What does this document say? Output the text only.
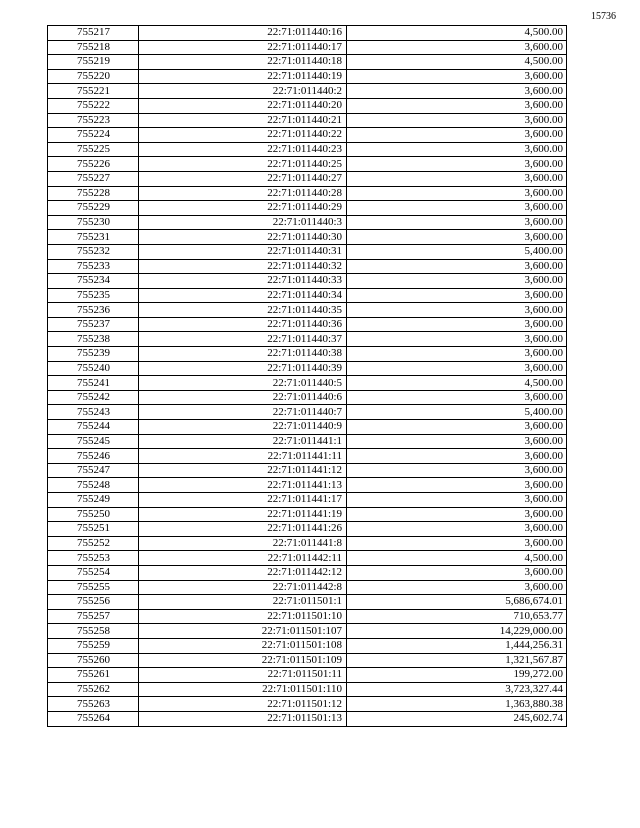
15736
755217	22:71:011440:16	4,500.00
755218	22:71:011440:17	3,600.00
755219	22:71:011440:18	4,500.00
755220	22:71:011440:19	3,600.00
755221	22:71:011440:2	3,600.00
755222	22:71:011440:20	3,600.00
755223	22:71:011440:21	3,600.00
755224	22:71:011440:22	3,600.00
755225	22:71:011440:23	3,600.00
755226	22:71:011440:25	3,600.00
755227	22:71:011440:27	3,600.00
755228	22:71:011440:28	3,600.00
755229	22:71:011440:29	3,600.00
755230	22:71:011440:3	3,600.00
755231	22:71:011440:30	3,600.00
755232	22:71:011440:31	5,400.00
755233	22:71:011440:32	3,600.00
755234	22:71:011440:33	3,600.00
755235	22:71:011440:34	3,600.00
755236	22:71:011440:35	3,600.00
755237	22:71:011440:36	3,600.00
755238	22:71:011440:37	3,600.00
755239	22:71:011440:38	3,600.00
755240	22:71:011440:39	3,600.00
755241	22:71:011440:5	4,500.00
755242	22:71:011440:6	3,600.00
755243	22:71:011440:7	5,400.00
755244	22:71:011440:9	3,600.00
755245	22:71:011441:1	3,600.00
755246	22:71:011441:11	3,600.00
755247	22:71:011441:12	3,600.00
755248	22:71:011441:13	3,600.00
755249	22:71:011441:17	3,600.00
755250	22:71:011441:19	3,600.00
755251	22:71:011441:26	3,600.00
755252	22:71:011441:8	3,600.00
755253	22:71:011442:11	4,500.00
755254	22:71:011442:12	3,600.00
755255	22:71:011442:8	3,600.00
755256	22:71:011501:1	5,686,674.01
755257	22:71:011501:10	710,653.77
755258	22:71:011501:107	14,229,000.00
755259	22:71:011501:108	1,444,256.31
755260	22:71:011501:109	1,321,567.87
755261	22:71:011501:11	199,272.00
755262	22:71:011501:110	3,723,327.44
755263	22:71:011501:12	1,363,880.38
755264	22:71:011501:13	245,602.74
